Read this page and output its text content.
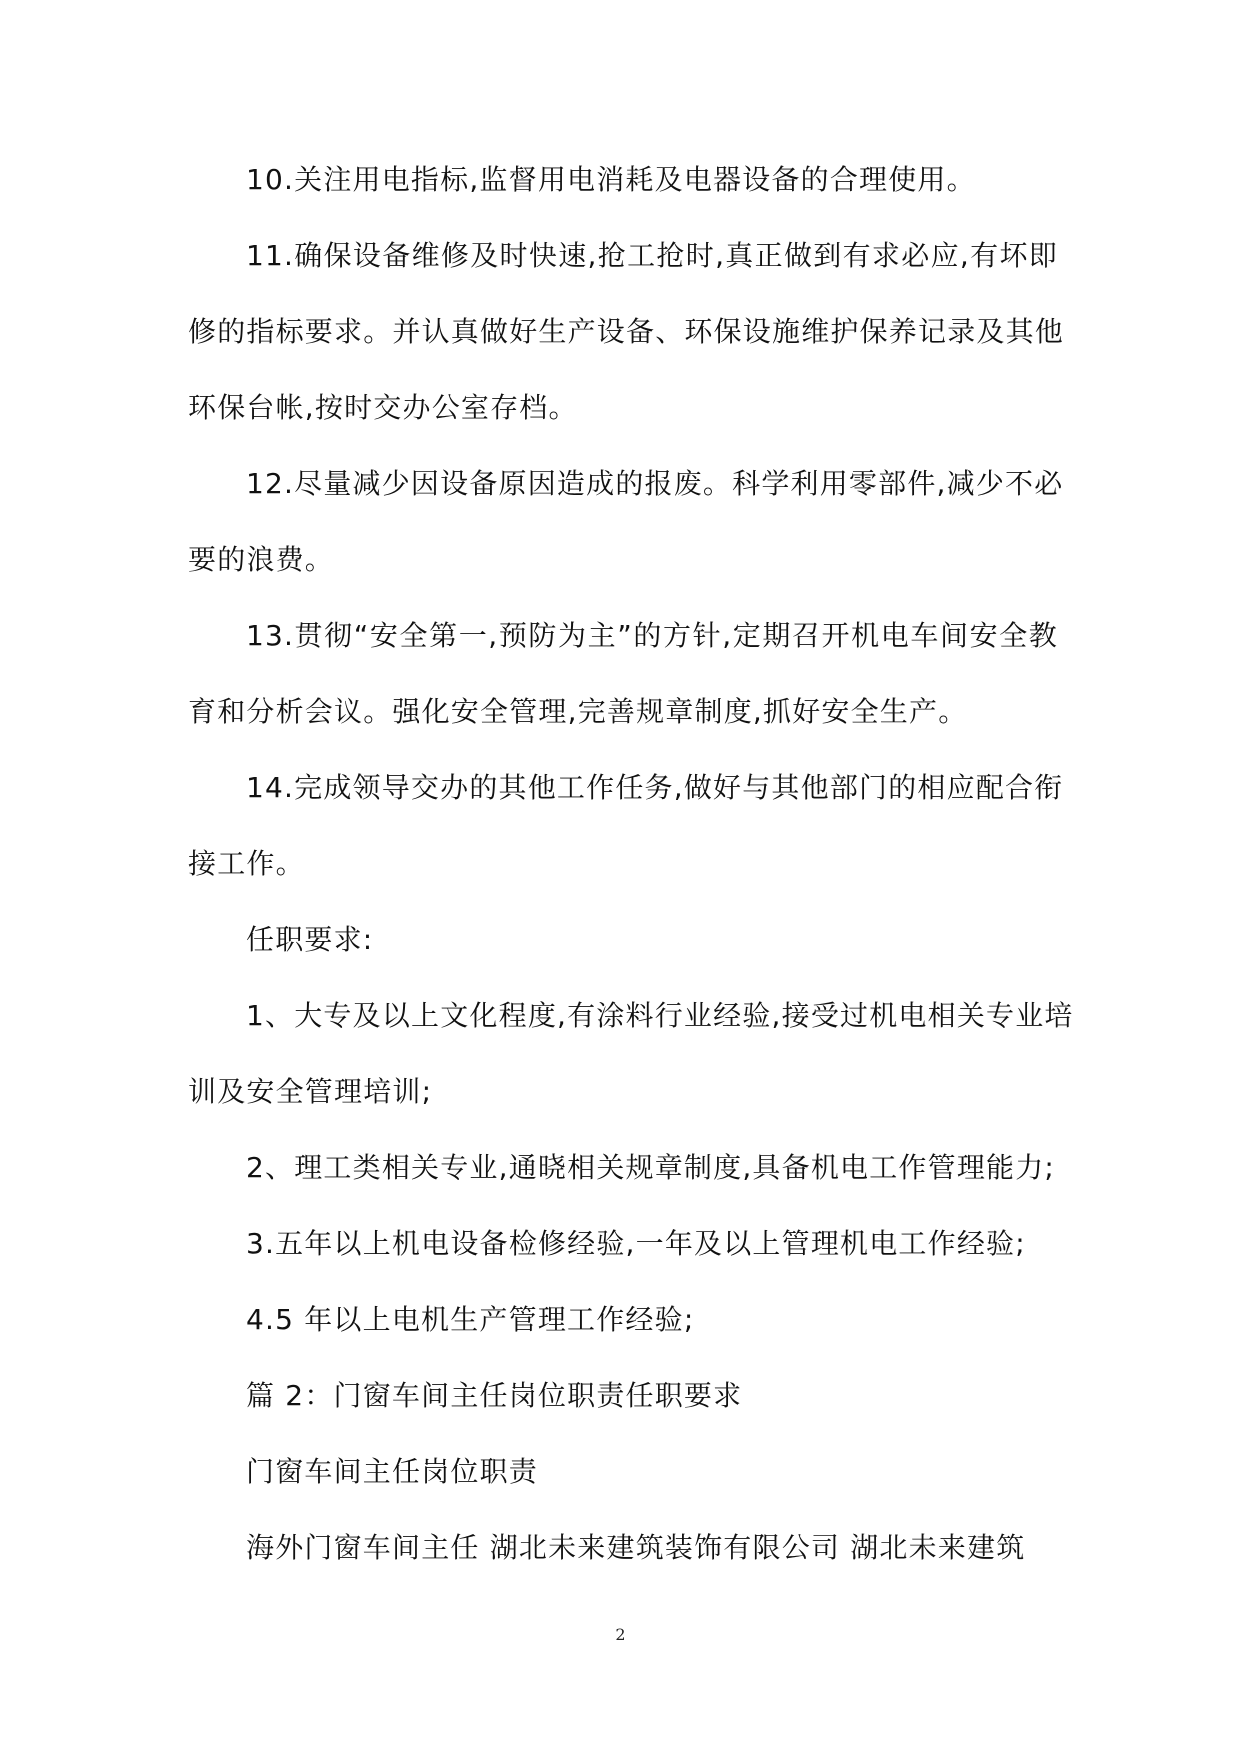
10.关注用电指标,监督用电消耗及电器设备的合理使用。
11.确保设备维修及时快速,抢工抢时,真正做到有求必应,有坏即
修的指标要求。并认真做好生产设备、环保设施维护保养记录及其他
环保台帐,按时交办公室存档。
12.尽量减少因设备原因造成的报废。科学利用零部件,减少不必
要的浪费。
13.贯彻“安全第一,预防为主”的方针,定期召开机电车间安全教
育和分析会议。强化安全管理,完善规章制度,抓好安全生产。
14.完成领导交办的其他工作任务,做好与其他部门的相应配合衔
接工作。
任职要求:
1、大专及以上文化程度,有涂料行业经验,接受过机电相关专业培
训及安全管理培训;
2、理工类相关专业,通晓相关规章制度,具备机电工作管理能力;
3.五年以上机电设备检修经验,一年及以上管理机电工作经验;
4.5 年以上电机生产管理工作经验;
篇 2：门窗车间主任岗位职责任职要求
门窗车间主任岗位职责
海外门窗车间主任 湖北未来建筑装饰有限公司 湖北未来建筑
2
